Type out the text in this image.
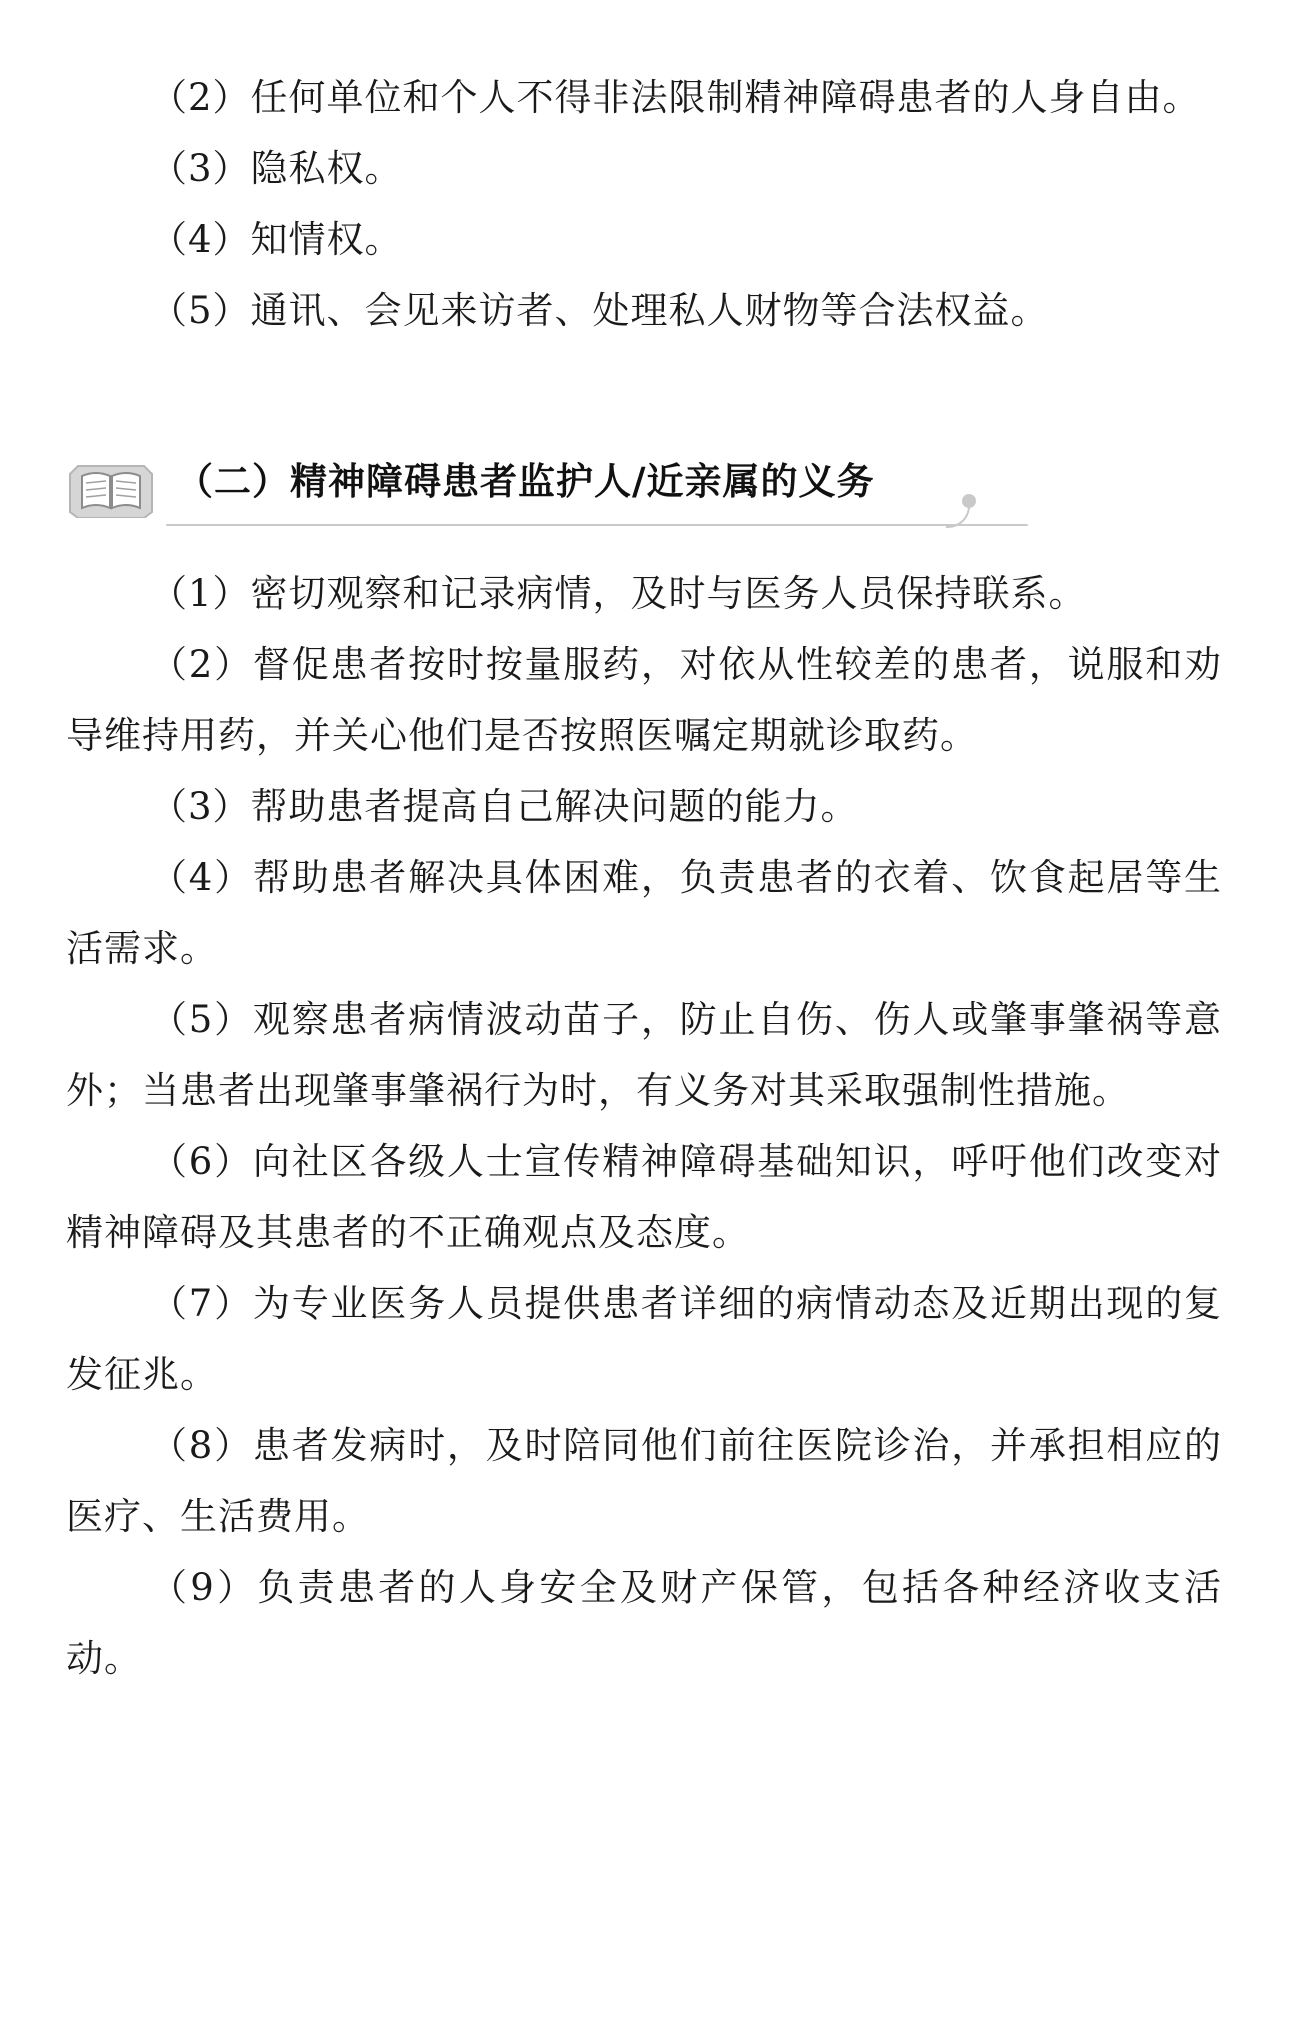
（2）任何单位和个人不得非法限制精神障碍患者的人身自由。

（3）隐私权。

（4）知情权。

（5）通讯、会见来访者、处理私人财物等合法权益。

（二）精神障碍患者监护人/近亲属的义务

（1）密切观察和记录病情，及时与医务人员保持联系。

（2）督促患者按时按量服药，对依从性较差的患者，说服和劝导维持用药，并关心他们是否按照医嘱定期就诊取药。

（3）帮助患者提高自己解决问题的能力。

（4）帮助患者解决具体困难，负责患者的衣着、饮食起居等生活需求。

（5）观察患者病情波动苗子，防止自伤、伤人或肇事肇祸等意外；当患者出现肇事肇祸行为时，有义务对其采取强制性措施。

（6）向社区各级人士宣传精神障碍基础知识，呼吁他们改变对精神障碍及其患者的不正确观点及态度。

（7）为专业医务人员提供患者详细的病情动态及近期出现的复发征兆。

（8）患者发病时，及时陪同他们前往医院诊治，并承担相应的医疗、生活费用。

（9）负责患者的人身安全及财产保管，包括各种经济收支活动。
